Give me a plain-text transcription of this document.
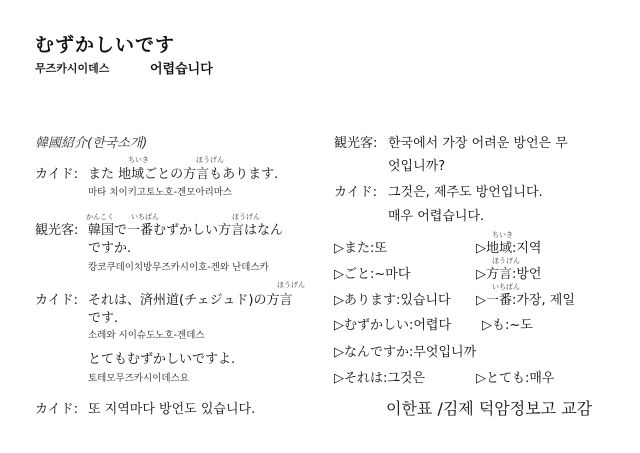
むずかしいです
무즈카시이데스	어렵습니다
韓國紹介(한국소개)
ちいき	ほうげん
カイド: また 地域ごとの方言もあります.
마타 치이키고토노호-겐모아리마스
かんこく いちばん	ほうげん
観光客: 韓国で一番むずかしい方言はなん
ですか.
캉코쿠데이치방무즈카시이호-겐와 난데스카
ほうげん
カイド: それは、済州道(チェジュド)の方言
です.
소레와 시이슈도노호-겐데스
とてもむずかしいですよ.
토테모무즈카시이데스요
カイド: 또 지역마다 방언도 있습니다.
観光客: 한국에서 가장 어려운 방언은 무
엇입니까?
カイド: 그것은, 제주도 방언입니다.
매우 어렵습니다.
ちいき
▷また:또	▷地域:지역
ほうげん
▷ごと:~마다	▷方言:방언
いちばん
▷あります:있습니다 ▷一番:가장, 제일
▷むずかしい:어렵다 ▷も:~도
▷なんですか:무엇입니까
▷それは:그것은	▷とても:매우
이한표 /김제 덕암정보고 교감
